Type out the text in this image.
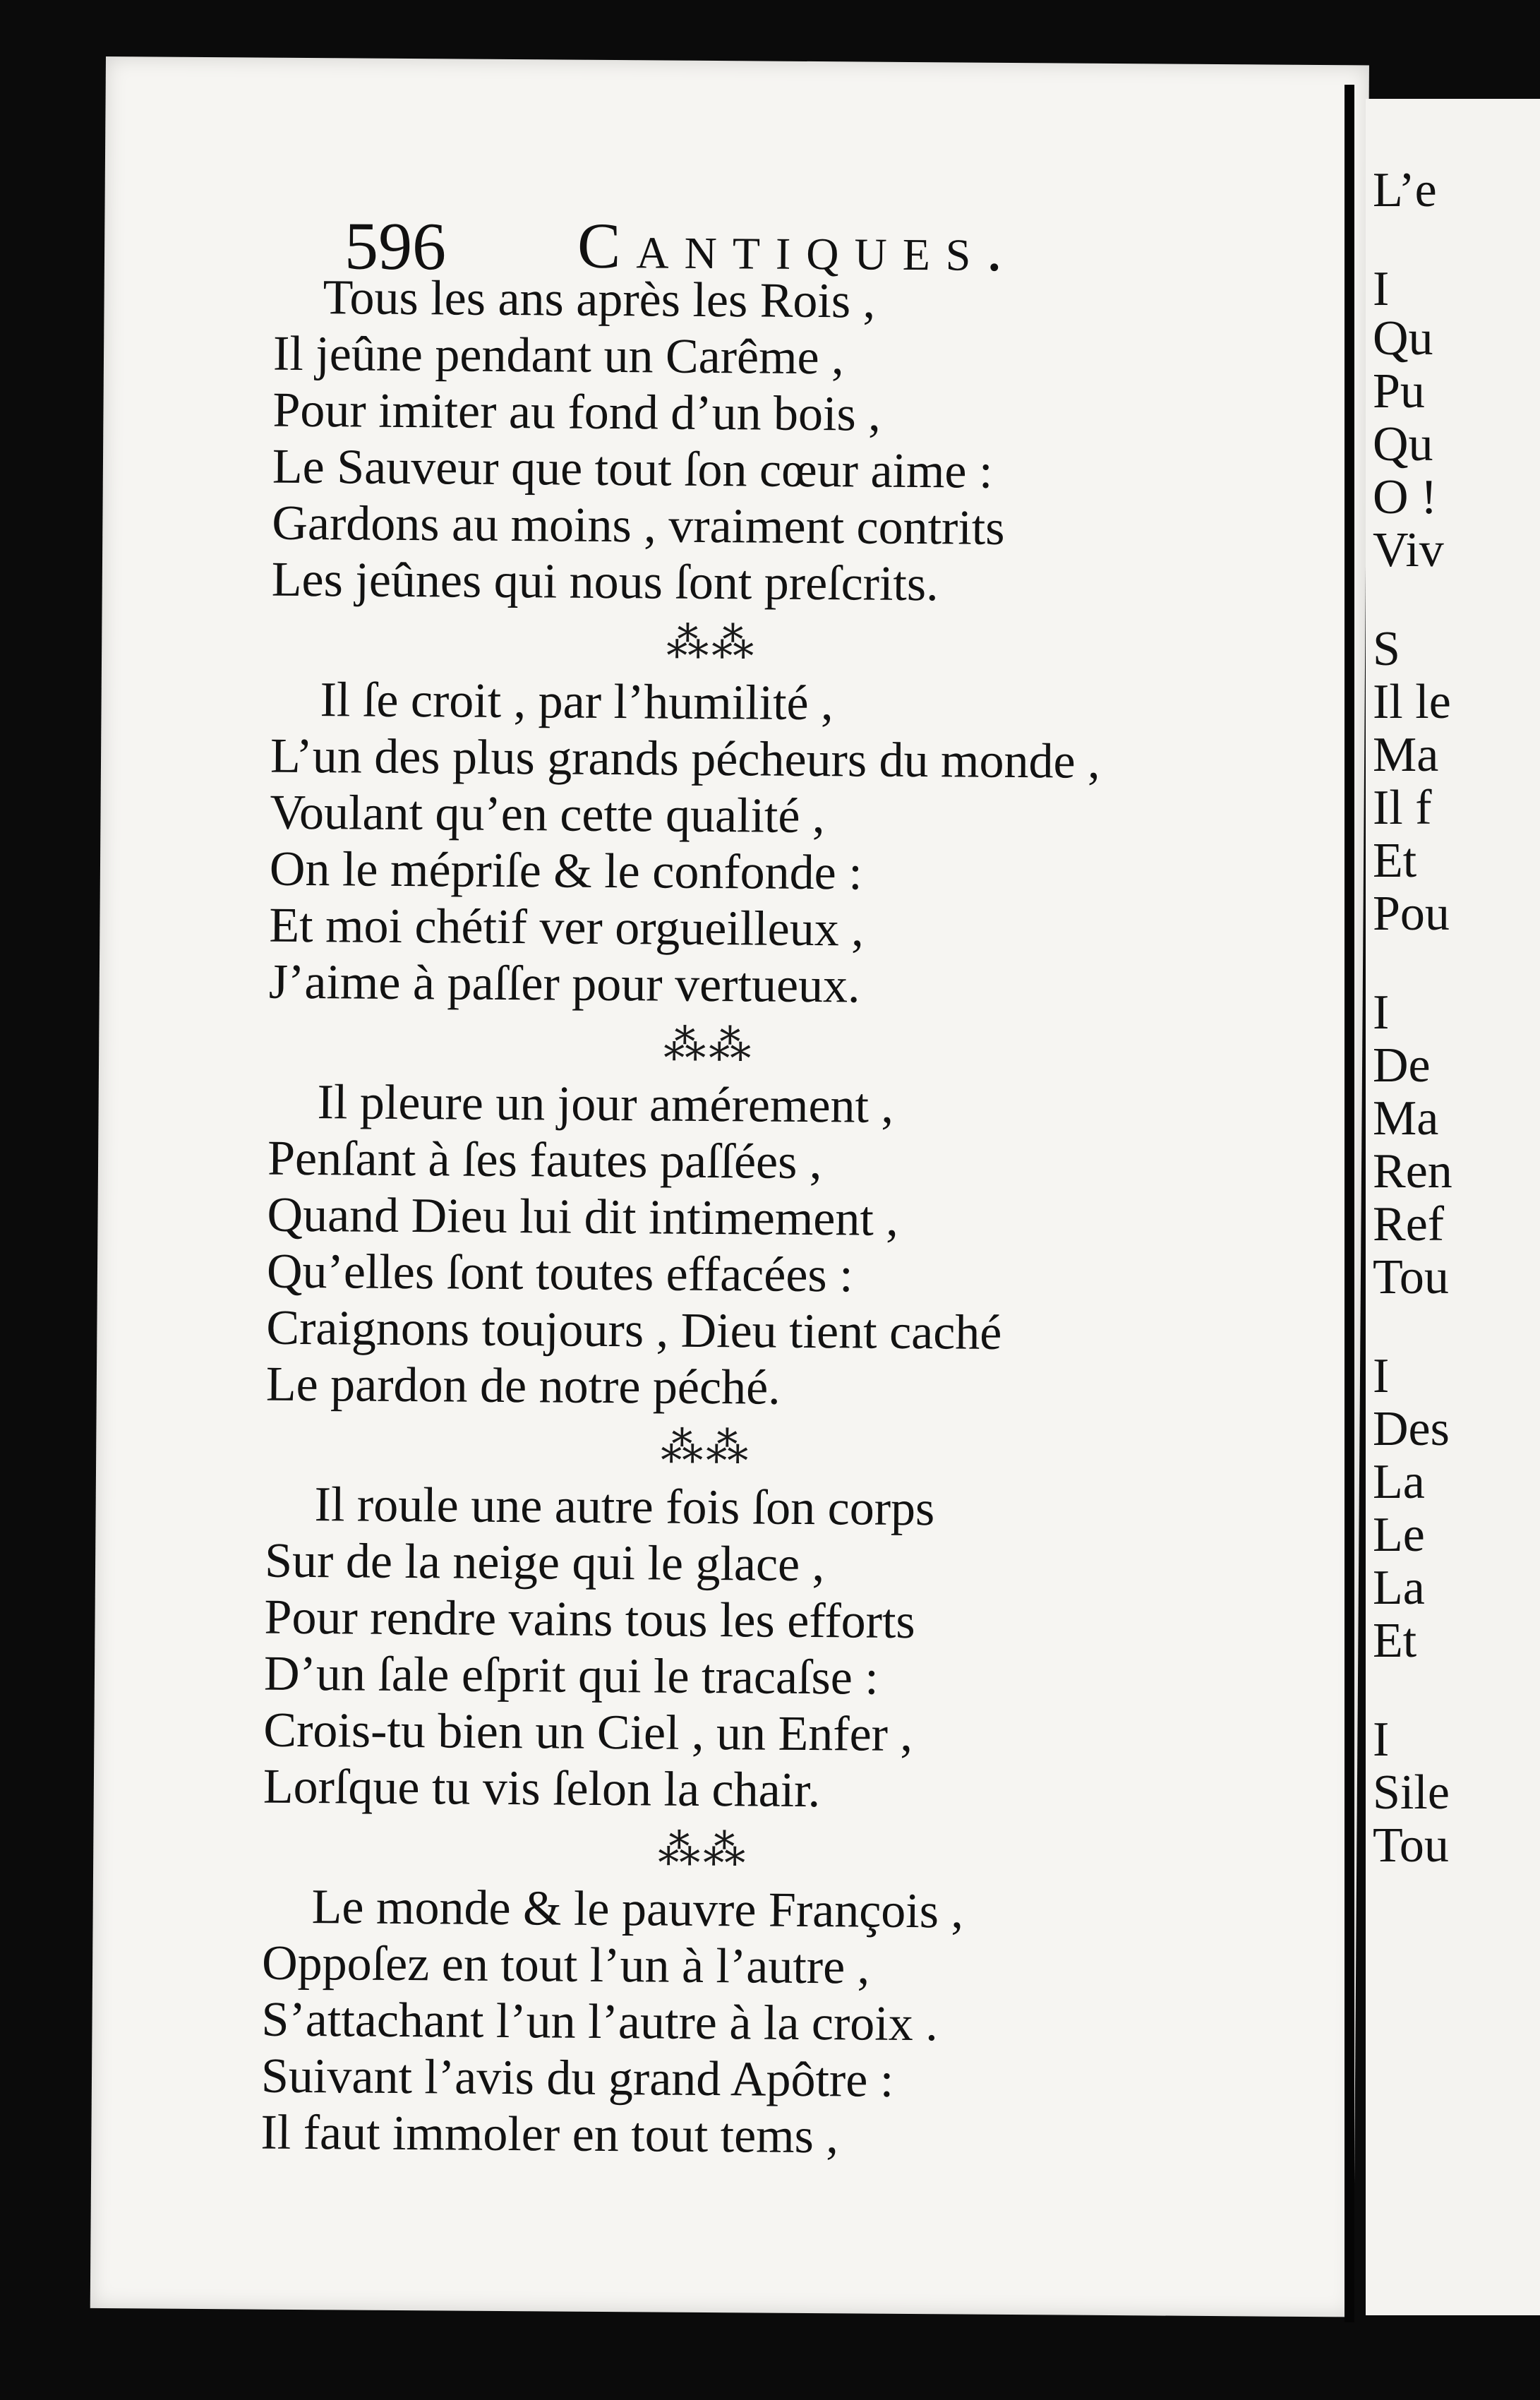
596 Cantiques.
Tous les ans après les Rois ,
Il jeûne pendant un Carême ,
Pour imiter au fond d’un bois ,
Le Sauveur que tout ſon cœur aime :
Gardons au moins , vraiment contrits
Les jeûnes qui nous ſont preſcrits.
⁂⁂
Il ſe croit , par l’humilité ,
L’un des plus grands pécheurs du monde ,
Voulant qu’en cette qualité ,
On le mépriſe & le confonde :
Et moi chétif ver orgueilleux ,
J’aime à paſſer pour vertueux.
⁂⁂
Il pleure un jour amérement ,
Penſant à ſes fautes paſſées ,
Quand Dieu lui dit intimement ,
Qu’elles ſont toutes effacées :
Craignons toujours , Dieu tient caché
Le pardon de notre péché.
⁂⁂
Il roule une autre fois ſon corps
Sur de la neige qui le glace ,
Pour rendre vains tous les efforts
D’un ſale eſprit qui le tracaſse :
Crois-tu bien un Ciel , un Enfer ,
Lorſque tu vis ſelon la chair.
⁂⁂
Le monde & le pauvre François ,
Oppoſez en tout l’un à l’autre ,
S’attachant l’un l’autre à la croix .
Suivant l’avis du grand Apôtre :
Il faut immoler en tout tems ,
L’e
I
Qu
Pu
Qu
O !
Viv
S
Il le
Ma
Il f
Et
Pou
I
De
Ma
Ren
Ref
Tou
I
Des
La
Le
La
Et
I
Sile
Tou
